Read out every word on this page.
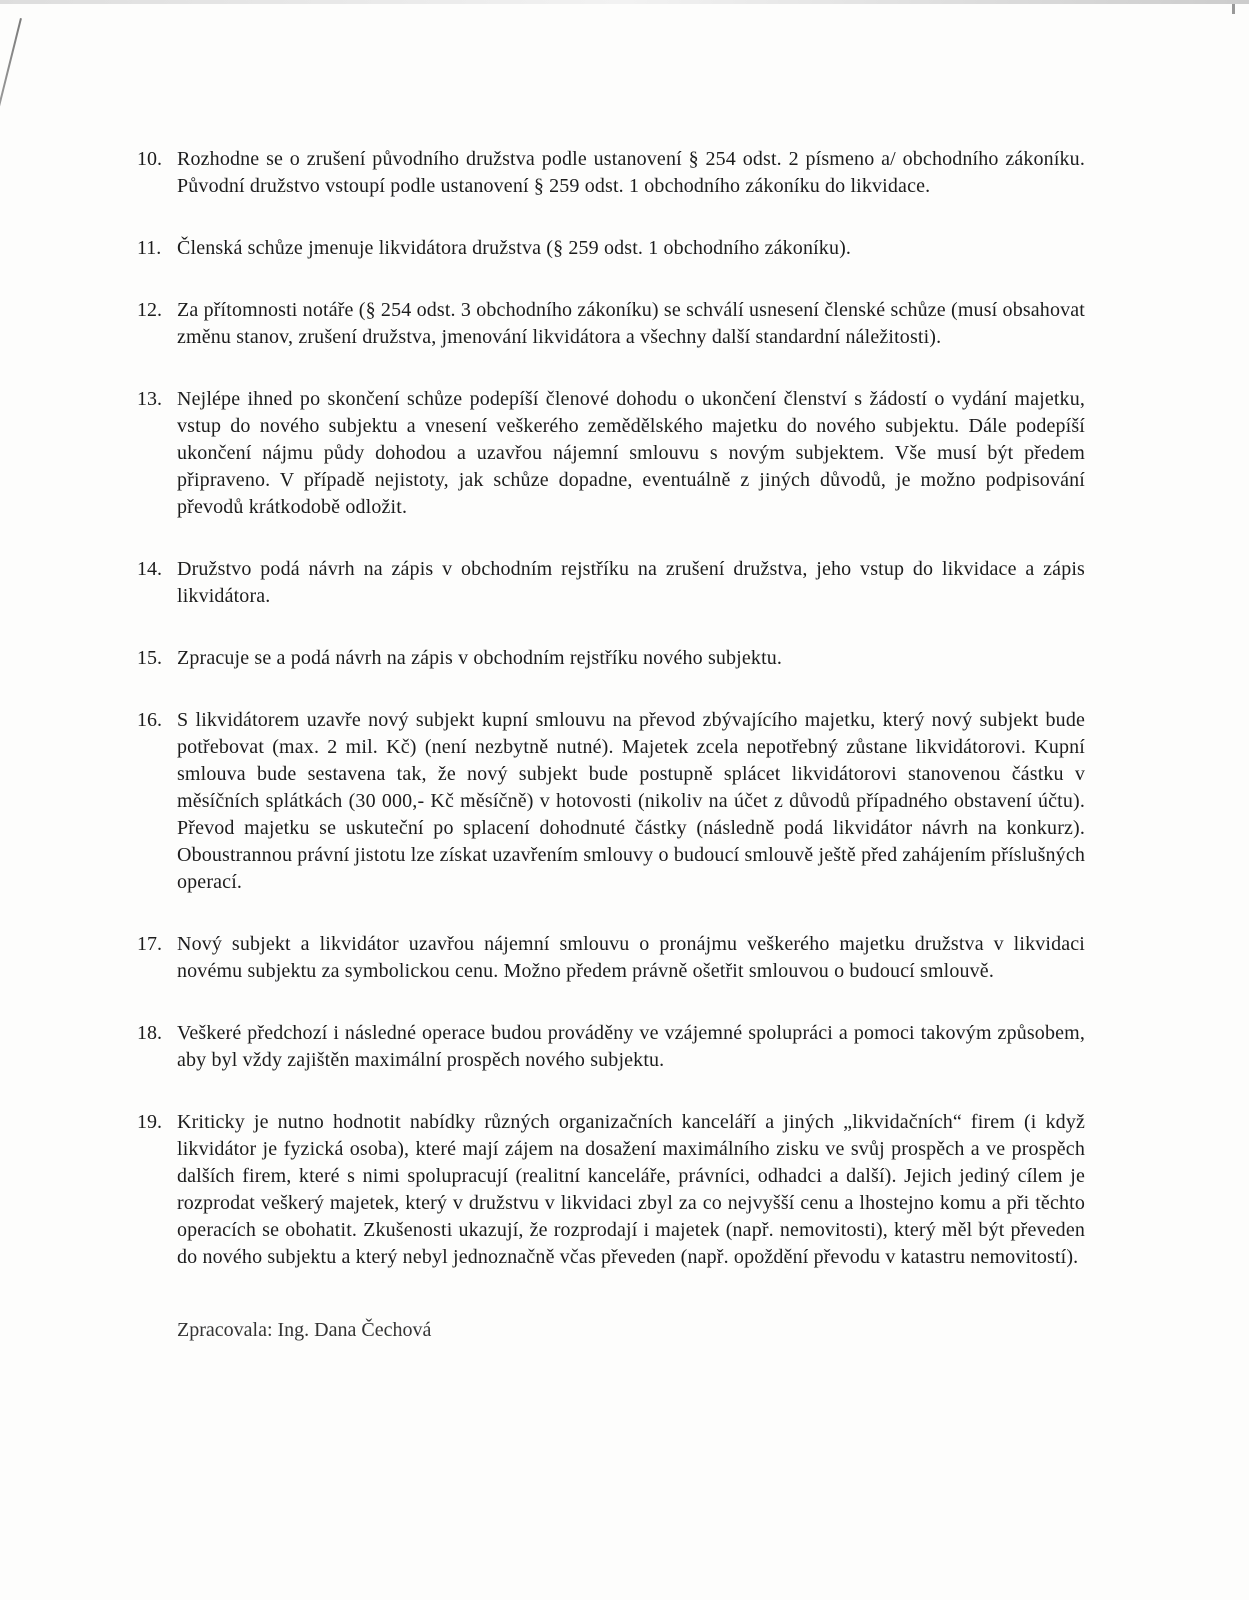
10. Rozhodne se o zrušení původního družstva podle ustanovení § 254 odst. 2 písmeno a/ obchodního zákoníku. Původní družstvo vstoupí podle ustanovení § 259 odst. 1 obchodního zákoníku do likvidace.
11. Členská schůze jmenuje likvidátora družstva (§ 259 odst. 1 obchodního zákoníku).
12. Za přítomnosti notáře (§ 254 odst. 3 obchodního zákoníku) se schválí usnesení členské schůze (musí obsahovat změnu stanov, zrušení družstva, jmenování likvidátora a všechny další standardní náležitosti).
13. Nejlépe ihned po skončení schůze podepíší členové dohodu o ukončení členství s žádostí o vydání majetku, vstup do nového subjektu a vnesení veškerého zemědělského majetku do nového subjektu. Dále podepíší ukončení nájmu půdy dohodou a uzavřou nájemní smlouvu s novým subjektem. Vše musí být předem připraveno. V případě nejistoty, jak schůze dopadne, eventuálně z jiných důvodů, je možno podpisování převodů krátkodobě odložit.
14. Družstvo podá návrh na zápis v obchodním rejstříku na zrušení družstva, jeho vstup do likvidace a zápis likvidátora.
15. Zpracuje se a podá návrh na zápis v obchodním rejstříku nového subjektu.
16. S likvidátorem uzavře nový subjekt kupní smlouvu na převod zbývajícího majetku, který nový subjekt bude potřebovat (max. 2 mil. Kč) (není nezbytně nutné). Majetek zcela nepotřebný zůstane likvidátorovi. Kupní smlouva bude sestavena tak, že nový subjekt bude postupně splácet likvidátorovi stanovenou částku v měsíčních splátkách (30 000,- Kč měsíčně) v hotovosti (nikoliv na účet z důvodů případného obstavení účtu). Převod majetku se uskuteční po splacení dohodnuté částky (následně podá likvidátor návrh na konkurz). Oboustrannou právní jistotu lze získat uzavřením smlouvy o budoucí smlouvě ještě před zahájením příslušných operací.
17. Nový subjekt a likvidátor uzavřou nájemní smlouvu o pronájmu veškerého majetku družstva v likvidaci novému subjektu za symbolickou cenu. Možno předem právně ošetřit smlouvou o budoucí smlouvě.
18. Veškeré předchozí i následné operace budou prováděny ve vzájemné spolupráci a pomoci takovým způsobem, aby byl vždy zajištěn maximální prospěch nového subjektu.
19. Kriticky je nutno hodnotit nabídky různých organizačních kanceláří a jiných „likvidačních“ firem (i když likvidátor je fyzická osoba), které mají zájem na dosažení maximálního zisku ve svůj prospěch a ve prospěch dalších firem, které s nimi spolupracují (realitní kanceláře, právníci, odhadci a další). Jejich jediný cílem je rozprodat veškerý majetek, který v družstvu v likvidaci zbyl za co nejvyšší cenu a lhostejno komu a při těchto operacích se obohatit. Zkušenosti ukazují, že rozprodají i majetek (např. nemovitosti), který měl být převeden do nového subjektu a který nebyl jednoznačně včas převeden (např. opoždění převodu v katastru nemovitostí).
Zpracovala: Ing. Dana Čechová
